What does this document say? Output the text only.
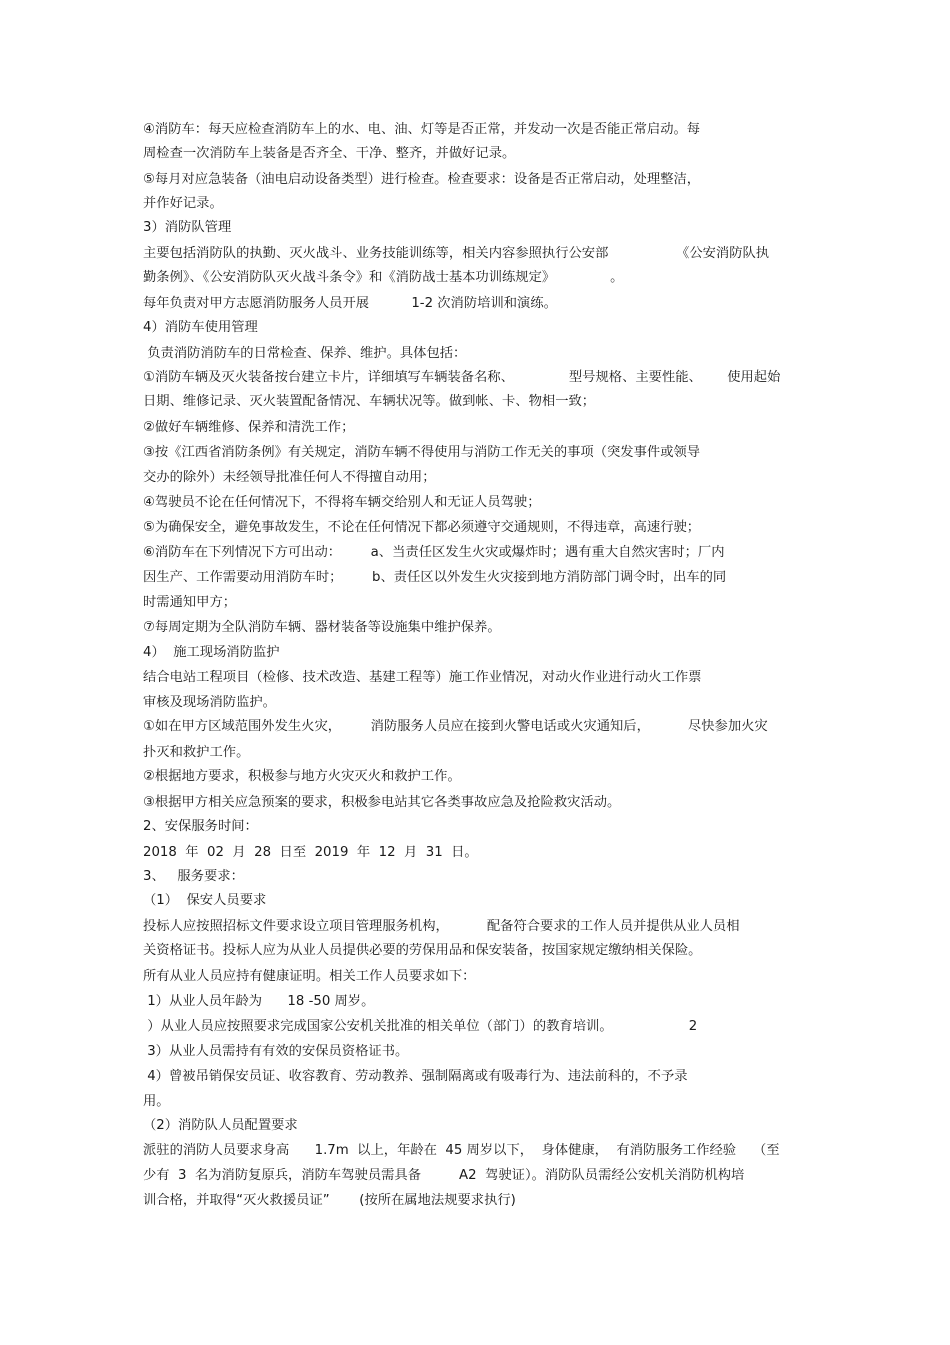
④消防车：每天应检查消防车上的水、电、油、灯等是否正常，并发动一次是否能正常启动。每
周检查一次消防车上装备是否齐全、干净、整齐，并做好记录。
⑤每月对应急装备（油电启动设备类型）进行检查。检查要求：设备是否正常启动，处理整洁，
并作好记录。
3）消防队管理
主要包括消防队的执勤、灭火战斗、业务技能训练等，相关内容参照执行公安部                《公安消防队执
勤条例》、《公安消防队灭火战斗条令》和《消防战士基本功训练规定》             。
每年负责对甲方志愿消防服务人员开展          1-2 次消防培训和演练。
4）消防车使用管理
负责消防消防车的日常检查、保养、维护。具体包括：
①消防车辆及灭火装备按台建立卡片，详细填写车辆装备名称、             型号规格、主要性能、      使用起始
日期、维修记录、灭火装置配备情况、车辆状况等。做到帐、卡、物相一致；
②做好车辆维修、保养和清洗工作；
③按《江西省消防条例》有关规定，消防车辆不得使用与消防工作无关的事项（突发事件或领导
交办的除外）未经领导批准任何人不得擅自动用；
④驾驶员不论在任何情况下，不得将车辆交给别人和无证人员驾驶；
⑤为确保安全，避免事故发生，不论在任何情况下都必须遵守交通规则，不得违章，高速行驶；
⑥消防车在下列情况下方可出动：       a、当责任区发生火灾或爆炸时；遇有重大自然灾害时；厂内
因生产、工作需要动用消防车时；       b、责任区以外发生火灾接到地方消防部门调令时，出车的同
时需通知甲方；
⑦每周定期为全队消防车辆、器材装备等设施集中维护保养。
4）  施工现场消防监护
结合电站工程项目（检修、技术改造、基建工程等）施工作业情况，对动火作业进行动火工作票
审核及现场消防监护。
①如在甲方区域范围外发生火灾，       消防服务人员应在接到火警电话或火灾通知后，         尽快参加火灾
扑灭和救护工作。
②根据地方要求，积极参与地方火灾灭火和救护工作。
③根据甲方相关应急预案的要求，积极参电站其它各类事故应急及抢险救灾活动。
2、安保服务时间：
2018  年  02  月  28  日至  2019  年  12  月  31  日。
3、   服务要求：
（1）  保安人员要求
投标人应按照招标文件要求设立项目管理服务机构，         配备符合要求的工作人员并提供从业人员相
关资格证书。投标人应为从业人员提供必要的劳保用品和保安装备，按国家规定缴纳相关保险。
所有从业人员应持有健康证明。相关工作人员要求如下：
1）从业人员年龄为      18 -50 周岁。
）从业人员应按照要求完成国家公安机关批准的相关单位（部门）的教育培训。                  2
3）从业人员需持有有效的安保员资格证书。
4）曾被吊销保安员证、收容教育、劳动教养、强制隔离或有吸毒行为、违法前科的，不予录
用。
（2）消防队人员配置要求
派驻的消防人员要求身高      1.7m  以上，年龄在  45 周岁以下，  身体健康，  有消防服务工作经验    （至
少有  3  名为消防复原兵，消防车驾驶员需具备         A2  驾驶证）。消防队员需经公安机关消防机构培
训合格，并取得“灭火救援员证”       (按所在属地法规要求执行)
